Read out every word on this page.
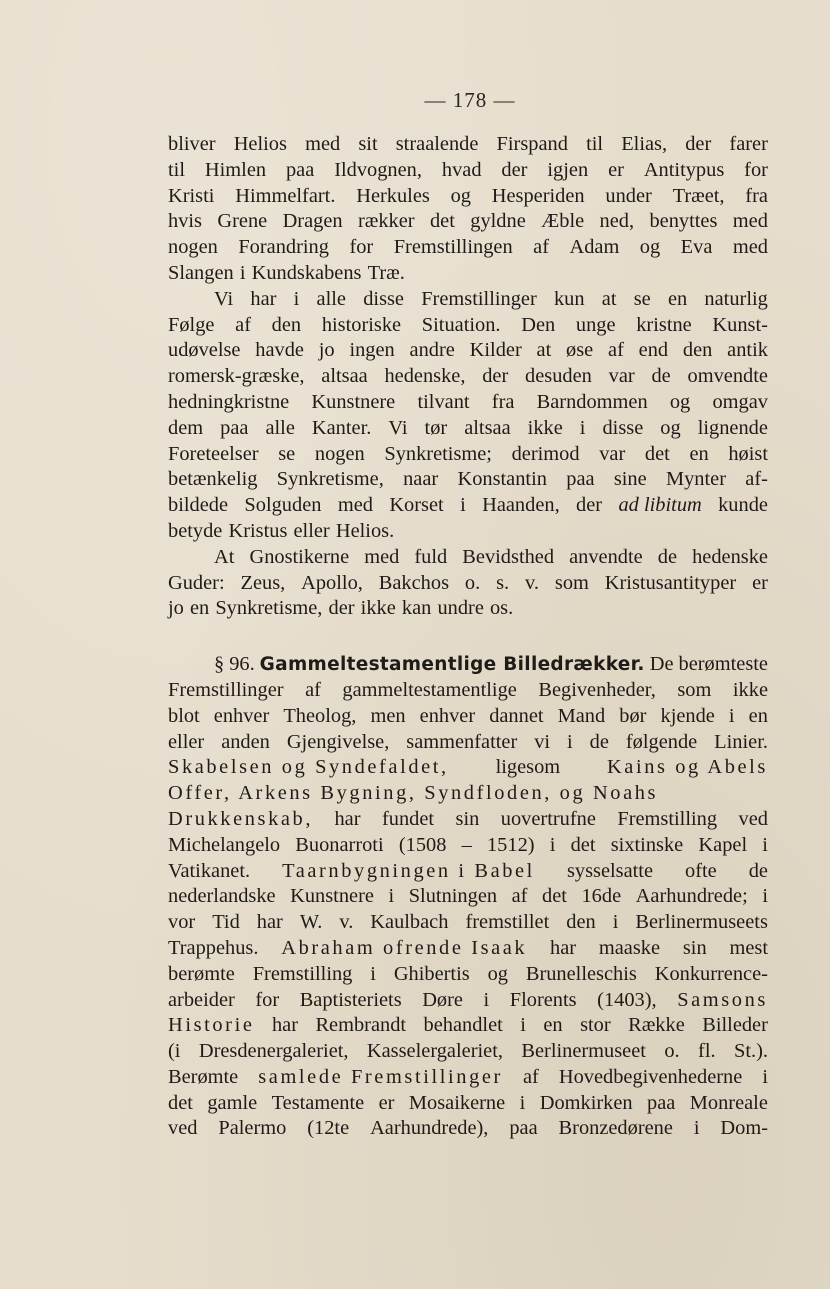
— 178 —
bliver Helios med sit straalende Firspand til Elias, der farer
til Himlen paa Ildvognen, hvad der igjen er Antitypus for
Kristi Himmelfart. Herkules og Hesperiden under Træet, fra
hvis Grene Dragen rækker det gyldne Æble ned, benyttes med
nogen Forandring for Fremstillingen af Adam og Eva med
Slangen i Kundskabens Træ.
Vi har i alle disse Fremstillinger kun at se en naturlig
Følge af den historiske Situation. Den unge kristne Kunst-
udøvelse havde jo ingen andre Kilder at øse af end den antik
romersk-græske, altsaa hedenske, der desuden var de omvendte
hedningkristne Kunstnere tilvant fra Barndommen og omgav
dem paa alle Kanter. Vi tør altsaa ikke i disse og lignende
Foreteelser se nogen Synkretisme; derimod var det en høist
betænkelig Synkretisme, naar Konstantin paa sine Mynter af-
bildede Solguden med Korset i Haanden, der ad libitum kunde
betyde Kristus eller Helios.
At Gnostikerne med fuld Bevidsthed anvendte de hedenske
Guder: Zeus, Apollo, Bakchos o. s. v. som Kristusantityper er
jo en Synkretisme, der ikke kan undre os.
§ 96. Gammeltestamentlige Billedrækker. De berømteste
Fremstillinger af gammeltestamentlige Begivenheder, som ikke
blot enhver Theolog, men enhver dannet Mand bør kjende i en
eller anden Gjengivelse, sammenfatter vi i de følgende Linier.
Skabelsen og Syndefaldet, ligesom Kains og Abels
Offer, Arkens Bygning, Syndfloden, og Noahs
Drukkenskab, har fundet sin uovertrufne Fremstilling ved
Michelangelo Buonarroti (1508 – 1512) i det sixtinske Kapel i
Vatikanet. Taarnbygningen i Babel sysselsatte ofte de
nederlandske Kunstnere i Slutningen af det 16de Aarhundrede; i
vor Tid har W. v. Kaulbach fremstillet den i Berlinermuseets
Trappehus. Abraham ofrende Isaak har maaske sin mest
berømte Fremstilling i Ghibertis og Brunelleschis Konkurrence-
arbeider for Baptisteriets Døre i Florents (1403), Samsons
Historie har Rembrandt behandlet i en stor Række Billeder
(i Dresdenergaleriet, Kasselergaleriet, Berlinermuseet o. fl. St.).
Berømte samlede Fremstillinger af Hovedbegivenhederne i
det gamle Testamente er Mosaikerne i Domkirken paa Monreale
ved Palermo (12te Aarhundrede), paa Bronzedørene i Dom-
